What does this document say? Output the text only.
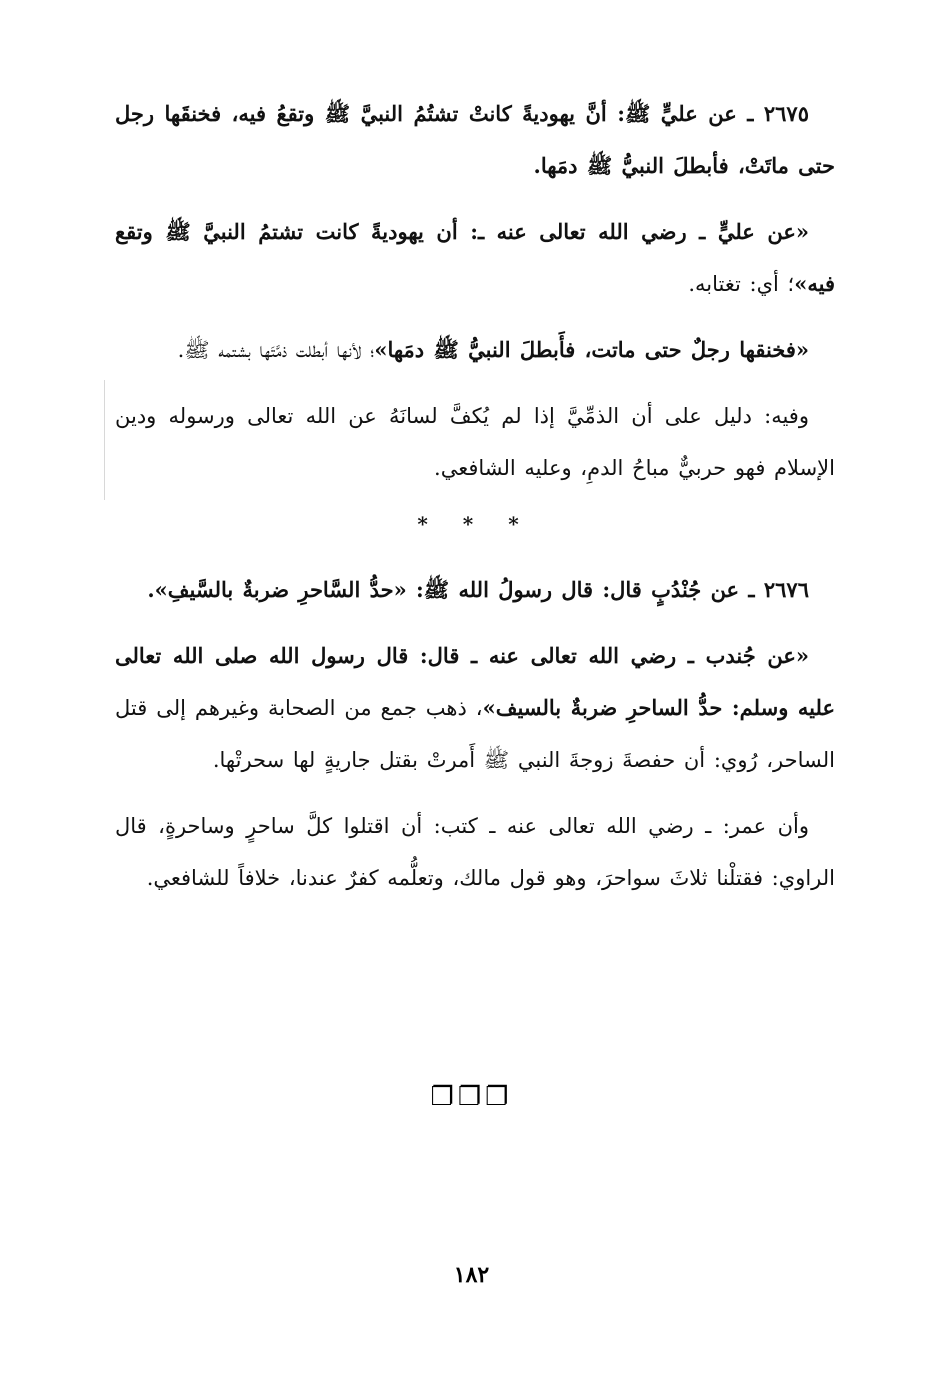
٢٦٧٥ ـ عن عليٍّ ﷺ: أنَّ يهوديةً كانتْ تشتُمُ النبيَّ ﷺ وتقعُ فيه، فخنقَها رجل حتى ماتَتْ، فأبطلَ النبيُّ ﷺ دمَها.

«عن عليٍّ ـ رضي الله تعالى عنه ـ: أن يهوديةً كانت تشتمُ النبيَّ ﷺ وتقع فيه»؛ أي: تغتابه.

«فخنقها رجلٌ حتى ماتت، فأَبطلَ النبيُّ ﷺ دمَها»؛ لأنها أبطلت ذمَّتَها بشتمه ﷺ.

وفيه: دليل على أن الذمِّيَّ إذا لم يُكفَّ لسانَهُ عن الله تعالى ورسوله ودين الإسلام فهو حربيٌّ مباحُ الدمِ، وعليه الشافعي.

* * *

٢٦٧٦ ـ عن جُنْدُبٍ قال: قال رسولُ الله ﷺ: «حدُّ السَّاحرِ ضربةٌ بالسَّيفِ».

«عن جُندب ـ رضي الله تعالى عنه ـ قال: قال رسول الله صلى الله تعالى عليه وسلم: حدُّ الساحرِ ضربةٌ بالسيف»، ذهب جمع من الصحابة وغيرهم إلى قتل الساحر، رُوي: أن حفصةَ زوجةَ النبي ﷺ أَمرتْ بقتل جاريةٍ لها سحرتْها.

وأن عمر: ـ رضي الله تعالى عنه ـ كتب: أن اقتلوا كلَّ ساحرٍ وساحرةٍ، قال الراوي: فقتلْنا ثلاثَ سواحرَ، وهو قول مالك، وتعلُّمه كفرٌ عندنا، خلافاً للشافعي.

❐❐❐
١٨٢
